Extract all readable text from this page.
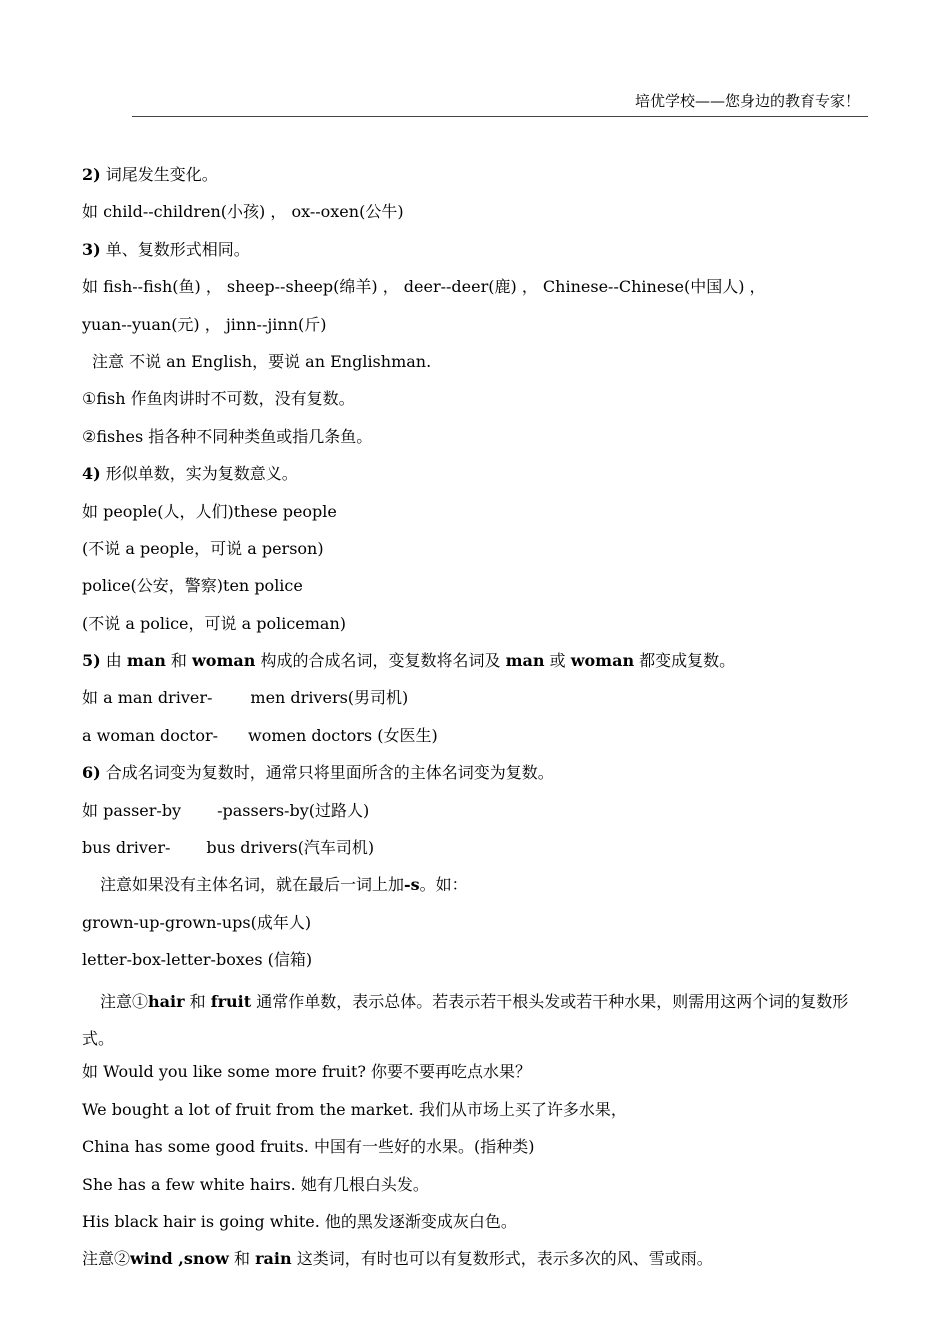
培优学校——您身边的教育专家！
2) 词尾发生变化。
如 child--children(小孩) ， ox--oxen(公牛)
3) 单、复数形式相同。
如 fish--fish(鱼) ， sheep--sheep(绵羊) ， deer--deer(鹿) ， Chinese--Chinese(中国人) ，
yuan--yuan(元) ， jinn--jinn(斤)
注意 不说 an English，要说 an Englishman.
①fish 作鱼肉讲时不可数，没有复数。
②fishes 指各种不同种类鱼或指几条鱼。
4) 形似单数，实为复数意义。
如 people(人，人们)these people
(不说 a people，可说 a person)
police(公安，警察)ten police
(不说 a police，可说 a policeman)
5) 由 man 和 woman 构成的合成名词，变复数将名词及 man 或 woman 都变成复数。
如 a man driver- men drivers(男司机)
a woman doctor- women doctors (女医生)
6) 合成名词变为复数时，通常只将里面所含的主体名词变为复数。
如 passer-by -passers-by(过路人)
bus driver- bus drivers(汽车司机)
注意如果没有主体名词，就在最后一词上加-s。如：
grown-up-grown-ups(成年人)
letter-box-letter-boxes (信箱)
注意①hair 和 fruit 通常作单数，表示总体。若表示若干根头发或若干种水果，则需用这两个词的复数形式。
如 Would you like some more fruit? 你要不要再吃点水果？
We bought a lot of fruit from the market. 我们从市场上买了许多水果，
China has some good fruits. 中国有一些好的水果。(指种类)
She has a few white hairs. 她有几根白头发。
His black hair is going white. 他的黑发逐渐变成灰白色。
注意②wind ,snow 和 rain 这类词，有时也可以有复数形式，表示多次的风、雪或雨。
